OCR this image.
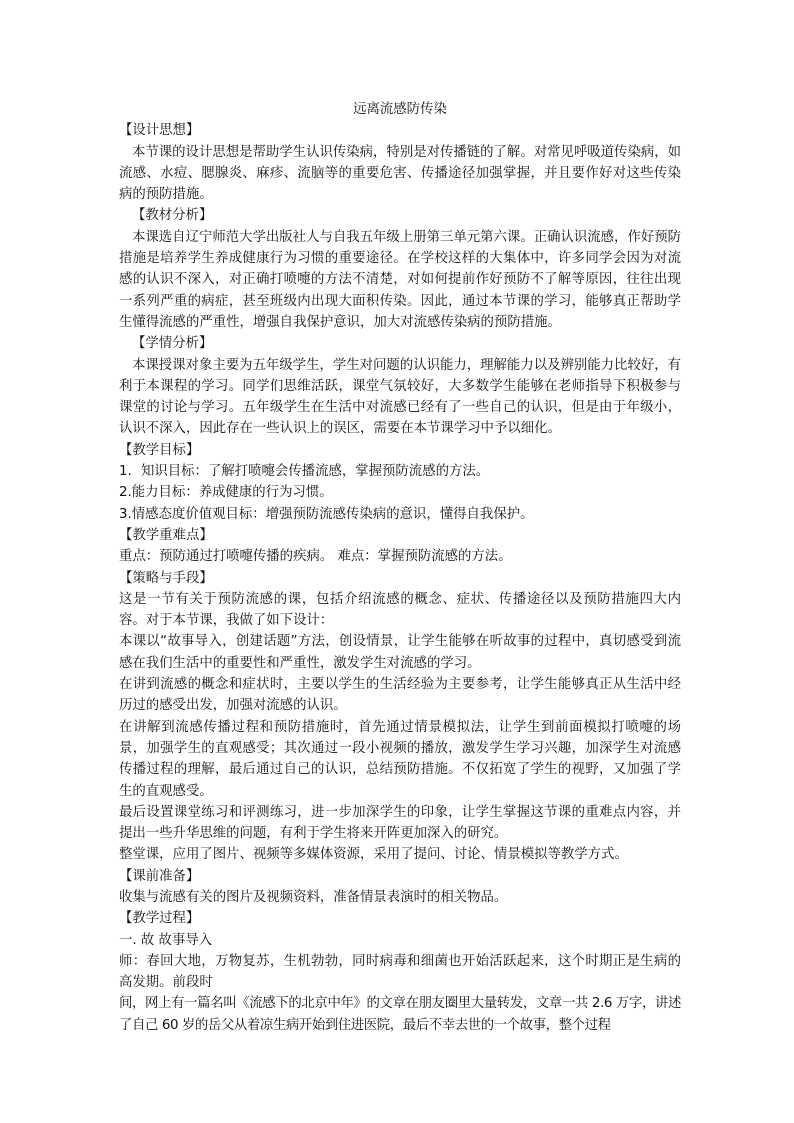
远离流感防传染

【设计思想】

本节课的设计思想是帮助学生认识传染病，特别是对传播链的了解。对常见呼吸道传染病，如流感、水痘、腮腺炎、麻疹、流脑等的重要危害、传播途径加强掌握，并且要作好对这些传染病的预防措施。

【教材分析】

本课选自辽宁师范大学出版社人与自我五年级上册第三单元第六课。正确认识流感，作好预防措施是培养学生养成健康行为习惯的重要途径。在学校这样的大集体中，许多同学会因为对流感的认识不深入，对正确打喷嚏的方法不清楚，对如何提前作好预防不了解等原因，往往出现一系列严重的病症，甚至班级内出现大面积传染。因此，通过本节课的学习，能够真正帮助学生懂得流感的严重性，增强自我保护意识，加大对流感传染病的预防措施。

【学情分析】

本课授课对象主要为五年级学生，学生对问题的认识能力，理解能力以及辨别能力比较好，有利于本课程的学习。同学们思维活跃，课堂气氛较好，大多数学生能够在老师指导下积极参与课堂的讨论与学习。五年级学生在生活中对流感已经有了一些自己的认识，但是由于年级小，认识不深入，因此存在一些认识上的误区，需要在本节课学习中予以细化。

【教学目标】

1. 知识目标：了解打喷嚏会传播流感，掌握预防流感的方法。

2.能力目标：养成健康的行为习惯。

3.情感态度价值观目标：增强预防流感传染病的意识，懂得自我保护。

【教学重难点】

重点：预防通过打喷嚏传播的疾病。 难点：掌握预防流感的方法。

【策略与手段】

这是一节有关于预防流感的课，包括介绍流感的概念、症状、传播途径以及预防措施四大内容。对于本节课，我做了如下设计：

本课以“故事导入，创建话题”方法，创设情景，让学生能够在听故事的过程中，真切感受到流感在我们生活中的重要性和严重性，激发学生对流感的学习。

在讲到流感的概念和症状时，主要以学生的生活经验为主要参考，让学生能够真正从生活中经历过的感受出发，加强对流感的认识。

在讲解到流感传播过程和预防措施时，首先通过情景模拟法，让学生到前面模拟打喷嚏的场景，加强学生的直观感受；其次通过一段小视频的播放，激发学生学习兴趣，加深学生对流感传播过程的理解，最后通过自己的认识，总结预防措施。不仅拓宽了学生的视野，又加强了学生的直观感受。

最后设置课堂练习和评测练习，进一步加深学生的印象，让学生掌握这节课的重难点内容，并提出一些升华思维的问题，有利于学生将来开阵更加深入的研究。

整堂课，应用了图片、视频等多媒体资源，采用了提问、讨论、情景模拟等教学方式。

【课前准备】

收集与流感有关的图片及视频资料，准备情景表演时的相关物品。

【教学过程】

一. 故 故事导入

师：春回大地，万物复苏，生机勃勃，同时病毒和细菌也开始活跃起来，这个时期正是生病的高发期。前段时

间，网上有一篇名叫《流感下的北京中年》的文章在朋友圈里大量转发，文章一共 2.6 万字，讲述了自己 60 岁的岳父从着凉生病开始到住进医院，最后不幸去世的一个故事，整个过程
